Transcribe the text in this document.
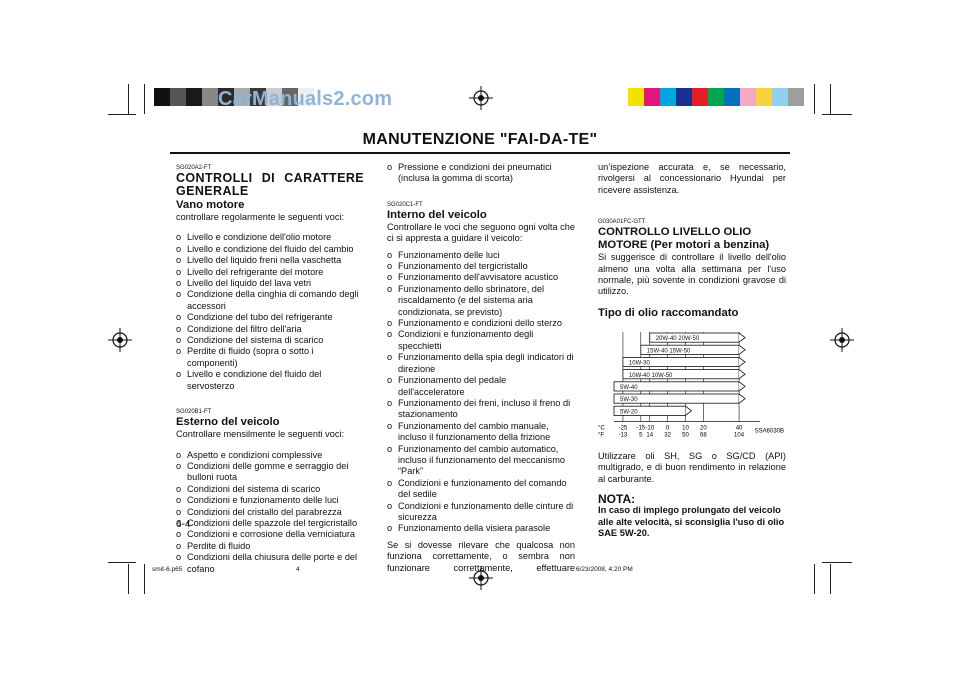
CarManuals2.com
MANUTENZIONE "FAI-DA-TE"
SG020A2-FT
CONTROLLI DI CARATTERE GENERALE
Vano motore

controllare regolarmente le seguenti voci:

o Livello e condizione dell'olio motore
o Livello e condizione del fluido del cambio
o Livello del liquido freni nella vaschetta
o Livello del refrigerante del motore
o Livello del liquido del lava vetri
o Condizione della cinghia di comando degli accessori
o Condizione del tubo del refrigerante
o Condizione del filtro dell'aria
o Condizione del sistema di scarico
o Perdite di fluido (sopra o sotto i componenti)
o Livello e condizione del fluido del servosterzo
SG020B1-FT
Esterno del veicolo

Controllare mensilmente le seguenti voci:

o Aspetto e condizioni complessive
o Condizioni delle gomme e serraggio dei bulloni ruota
o Condizioni del sistema di scarico
o Condizioni e funzionamento delle luci
o Condizioni del cristallo del parabrezza
o Condizioni delle spazzole del tergicristallo
o Condizioni e corrosione della verniciatura
o Perdite di fluido
o Condizioni della chiusura delle porte e del cofano
6-4
o Pressione e condizioni dei pneumatici (inclusa la gomma di scorta)
SG020C1-FT
Interno del veicolo

Controllare le voci che seguono ogni volta che ci si appresta a guidare il veicolo:

o Funzionamento delle luci
o Funzionamento del tergicristallo
o Funzionamento dell'avvisatore acustico
o Funzionamento dello sbrinatore, del riscaldamento (e del sistema aria condizionata, se previsto)
o Funzionamento e condizioni dello sterzo
o Condizioni e funzionamento degli specchietti
o Funzionamento della spia degli indicatori di direzione
o Funzionamento del pedale dell'acceleratore
o Funzionamento dei freni, incluso il freno di stazionamento
o Funzionamento del cambio manuale, incluso il funzionamento della frizione
o Funzionamento del cambio automatico, incluso il funzionamento del meccanismo “Park”
o Condizioni e funzionamento del comando del sedile
o Condizioni e funzionamento delle cinture di sicurezza
o Funzionamento della visiera parasole

Se si dovesse rilevare che qualcosa non funziona correttamente, o sembra non funzionare correttamente, effettuare

un’ispezione accurata e, se necessario, rivolgersi al concessionario Hyundai per ricevere assistenza.

G030A01FC-GTT
CONTROLLO LIVELLO OLIO MOTORE (Per motori a benzina)

Si suggerisce di controllare il livello dell'olio almeno una volta alla settimana per l'uso normale, più sovente in condizioni gravose di utilizzo.

Tipo di olio raccomandato
20W-40 20W-50
15W-40 15W-50
10W-30
10W-40 10W-50
5W-40
5W-30
5W-20
°C
°F
-25
-13
-15
5
-10
14
0
32
10
50
20
68
40
104
SSA6030B

Utilizzare oli SH, SG o SG/CD (API) multigrado, e di buon rendimento in relazione al carburante.

NOTA:

In caso di implego prolungato del veicolo alle alte velocità, si sconsiglia l'uso di olio SAE 5W-20.

smit-6.p65	4	6/23/2008, 4:20 PM
